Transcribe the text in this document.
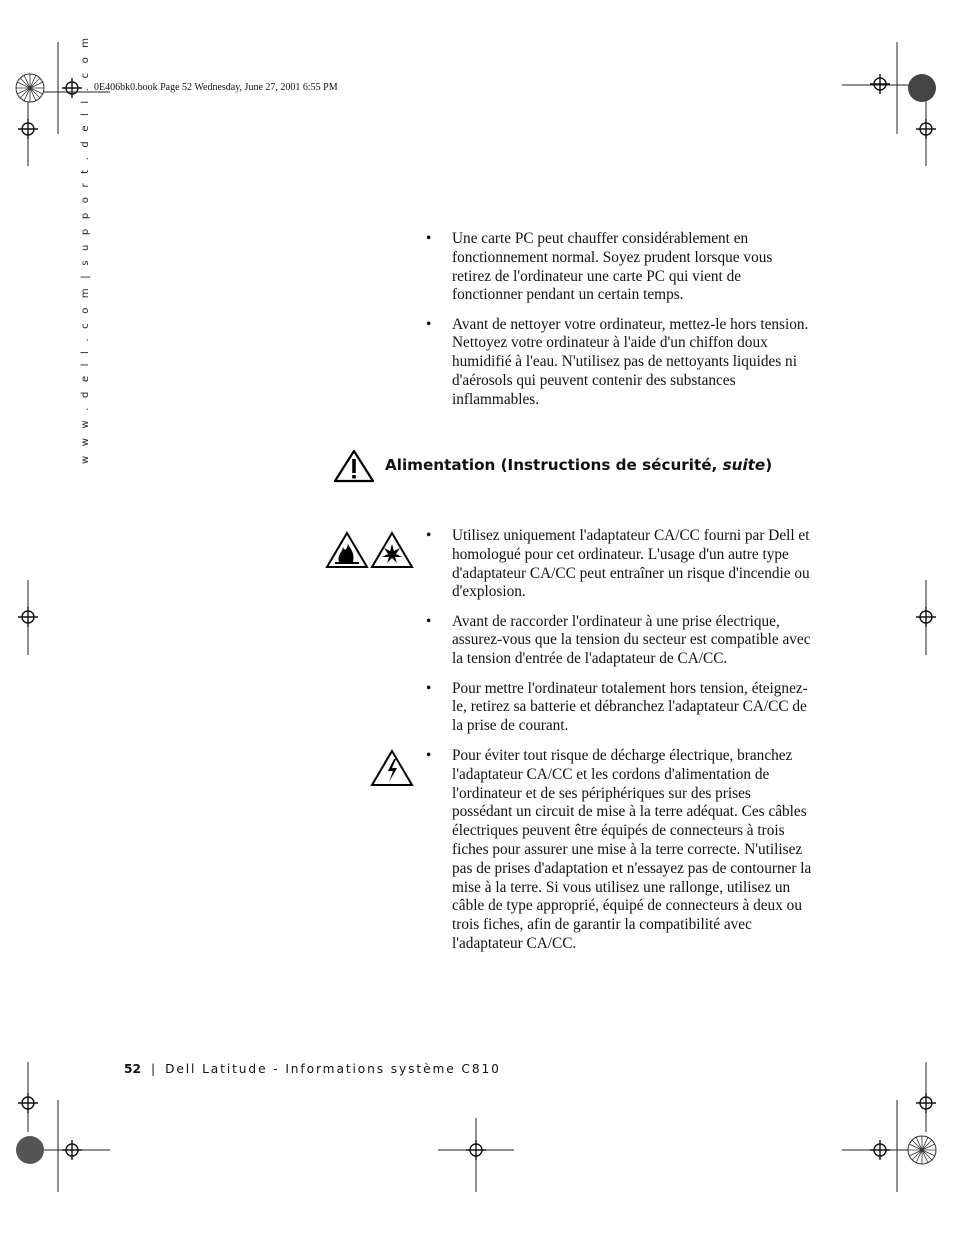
0E406bk0.book Page 52 Wednesday, June 27, 2001 6:55 PM
w w w . d e l l . c o m | s u p p o r t . d e l l . c o m
•	Une carte PC peut chauffer considérablement en fonctionnement normal. Soyez prudent lorsque vous retirez de l'ordinateur une carte PC qui vient de fonctionner pendant un certain temps.
• Avant de nettoyer votre ordinateur, mettez-le hors tension. Nettoyez votre ordinateur à l'aide d'un chiffon doux humidifié à l'eau. N'utilisez pas de nettoyants liquides ni d'aérosols qui peuvent contenir des substances inflammables.
Alimentation (Instructions de sécurité, suite)
• Utilisez uniquement l'adaptateur CA/CC fourni par Dell et homologué pour cet ordinateur. L'usage d'un autre type d'adaptateur CA/CC peut entraîner un risque d'incendie ou d'explosion.
• Avant de raccorder l'ordinateur à une prise électrique, assurez-vous que la tension du secteur est compatible avec la tension d'entrée de l'adaptateur de CA/CC.
• Pour mettre l'ordinateur totalement hors tension, éteignez-le, retirez sa batterie et débranchez l'adaptateur CA/CC de la prise de courant.
• Pour éviter tout risque de décharge électrique, branchez l'adaptateur CA/CC et les cordons d'alimentation de l'ordinateur et de ses périphériques sur des prises possédant un circuit de mise à la terre adéquat. Ces câbles électriques peuvent être équipés de connecteurs à trois fiches pour assurer une mise à la terre correcte. N'utilisez pas de prises d'adaptation et n'essayez pas de contourner la mise à la terre. Si vous utilisez une rallonge, utilisez un câble de type approprié, équipé de connecteurs à deux ou trois fiches, afin de garantir la compatibilité avec l'adaptateur CA/CC.
52 | Dell Latitude - Informations système C810
